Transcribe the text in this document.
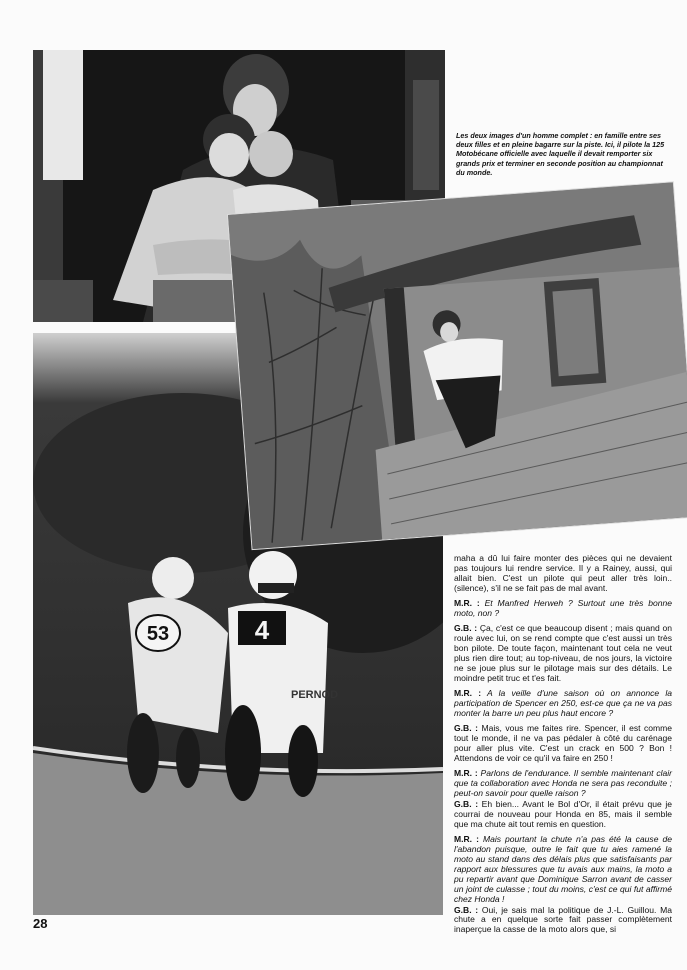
53	4
PERNOD
Les deux images d'un homme complet : en famille entre ses deux filles et en pleine bagarre sur la piste. Ici, il pilote la 125 Motobécane officielle avec laquelle il devait remporter six grands prix et terminer en seconde position au championnat du monde.

maha a dû lui faire monter des pièces qui ne devaient pas toujours lui rendre service. Il y a Rainey, aussi, qui allait bien. C'est un pilote qui peut aller très loin.. (silence), s'il ne se fait pas de mal avant.

M.R. : Et Manfred Herweh ? Surtout une très bonne moto, non ?

G.B. : Ça, c'est ce que beaucoup disent ; mais quand on roule avec lui, on se rend compte que c'est aussi un très bon pilote. De toute façon, maintenant tout cela ne veut plus rien dire tout; au top-niveau, de nos jours, la victoire ne se joue plus sur le pilotage mais sur des détails. Le moindre petit truc et t'es fait.

M.R. : A la veille d'une saison où on annonce la participation de Spencer en 250, est-ce que ça ne va pas monter la barre un peu plus haut encore ?

G.B. : Mais, vous me faites rire. Spencer, il est comme tout le monde, il ne va pas pédaler à côté du carénage pour aller plus vite. C'est un crack en 500 ? Bon ! Attendons de voir ce qu'il va faire en 250 !

M.R. : Parlons de l'endurance. Il semble maintenant clair que ta collaboration avec Honda ne sera pas reconduite ; peut-on savoir pour quelle raison ?

G.B. : Eh bien... Avant le Bol d'Or, il était prévu que je courrai de nouveau pour Honda en 85, mais il semble que ma chute ait tout remis en question.

M.R. : Mais pourtant la chute n'a pas été la cause de l'abandon puisque, outre le fait que tu aies ramené la moto au stand dans des délais plus que satisfaisants par rapport aux blessures que tu avais aux mains, la moto a pu repartir avant que Dominique Sarron avant de casser un joint de culasse ; tout du moins, c'est ce qui fut affirmé chez Honda !

G.B. : Oui, je sais mal la politique de J.-L. Guillou. Ma chute a en quelque sorte fait passer complètement inaperçue la casse de la moto alors que, si

28
